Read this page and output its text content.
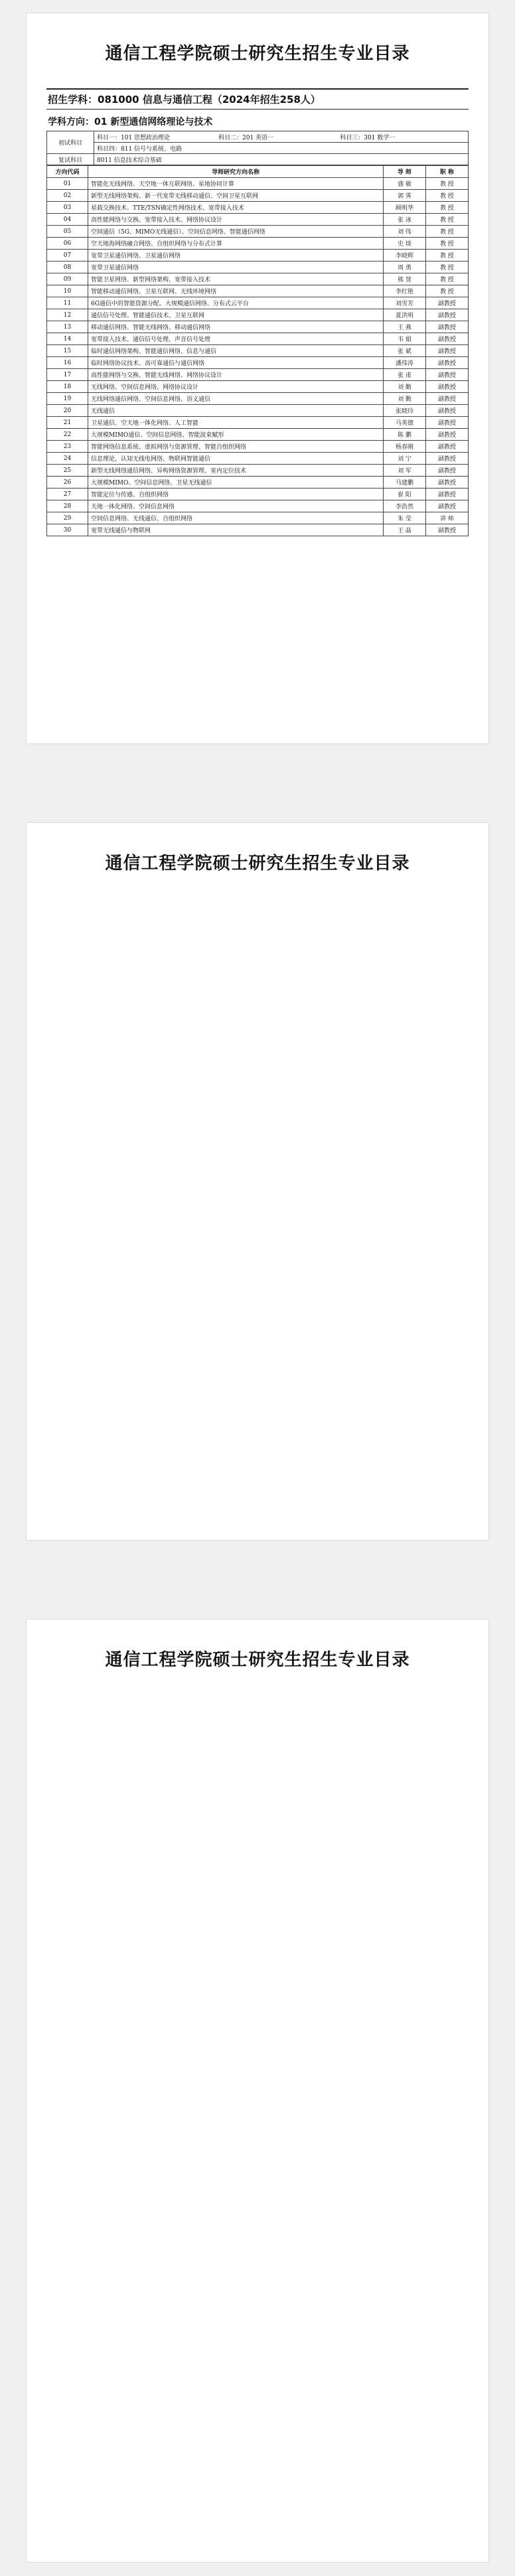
通信工程学院硕士研究生招生专业目录
招生学科：081000 信息与通信工程（2024年招生258人）
学科方向：01 新型通信网络理论与技术
初试科目	科目一：101 思想政治理论 科目二：201 英语一 科目三：301 数学一
	科目四：811 信号与系统、电路
复试科目	8011 信息技术综合基础
方向代码	导师研究方向名称	导 师	职 称
01	智能化无线网络、天空地一体互联网络、星地协同计算	盛 敏	教 授
02	新型无线网络架构、新一代宽带无线移动通信、空间卫星互联网	郭 霁	教 授
03	星载交换技术、TTE/TSN确定性网络技术、宽带接入技术	顾明华	教 授
04	高性能网络与交换、宽带接入技术、网络协议设计	张 冰	教 授
05	空间通信（5G、MIMO无线通信）、空间信息网络、智能通信网络	刘 伟	教 授
06	空天地海网络融合网络、自组织网络与分布式计算	史 琰	教 授
07	宽带卫星通信网络、卫星通信网络	李晓辉	教 授
08	宽带卫星通信网络	周 勇	教 授
09	智能卫星网络、新型网络架构、宽带接入技术	熊 贤	教 授
10	智能移动通信网络、卫星互联网、无线环境网络	李红艳	教 授
11	6G通信中的智能资源分配、大规模通信网络、分布式云平台	刘雪芳	副教授
12	通信信号处理、智能通信技术、卫星互联网	夏洪明	副教授
13	移动通信网络、智能无线网络、移动通信网络	王 燕	副教授
14	宽带接入技术、通信信号处理、声音信号处理	韦 娟	副教授
15	临时通信网络架构、智能通信网络、信息与通信	张 斌	副教授
16	临时网络协议技术、高可靠通信与通信网络	潘伟涛	副教授
17	高性能网络与交换、智能无线网络、网络协议设计	张 甫	副教授
18	无线网络、空间信息网络、网络协议设计	刘 勤	副教授
19	无线网络通信网络、空间信息网络、语义通信	刘 勤	副教授
20	无线通信	张晓玲	副教授
21	卫星通信、空天地一体化网络、人工智能	马英德	副教授
22	大规模MIMO通信、空间信息网络、智能波束赋形	陈 鹏	副教授
23	智能网络信息系统、虚拟网络与资源管理、智能自组织网络	杨春刚	副教授
24	信息理论，认知无线电网络、物联网智能通信	刘 宁	副教授
25	新型无线网络通信网络、异构网络资源管理、室内定位技术	刘 军	副教授
26	大规模MIMO、空间信息网络、卫星无线通信	马建鹏	副教授
27	智能定位与传感、自组织网络	崔 阳	副教授
28	天地一体化网络、空间信息网络	李浩然	副教授
29	空间信息网络、无线通信、自组织网络	朱 莹	讲 师
30	宽带无线通信与物联网	王 晶	副教授
通信工程学院硕士研究生招生专业目录
通信工程学院硕士研究生招生专业目录
